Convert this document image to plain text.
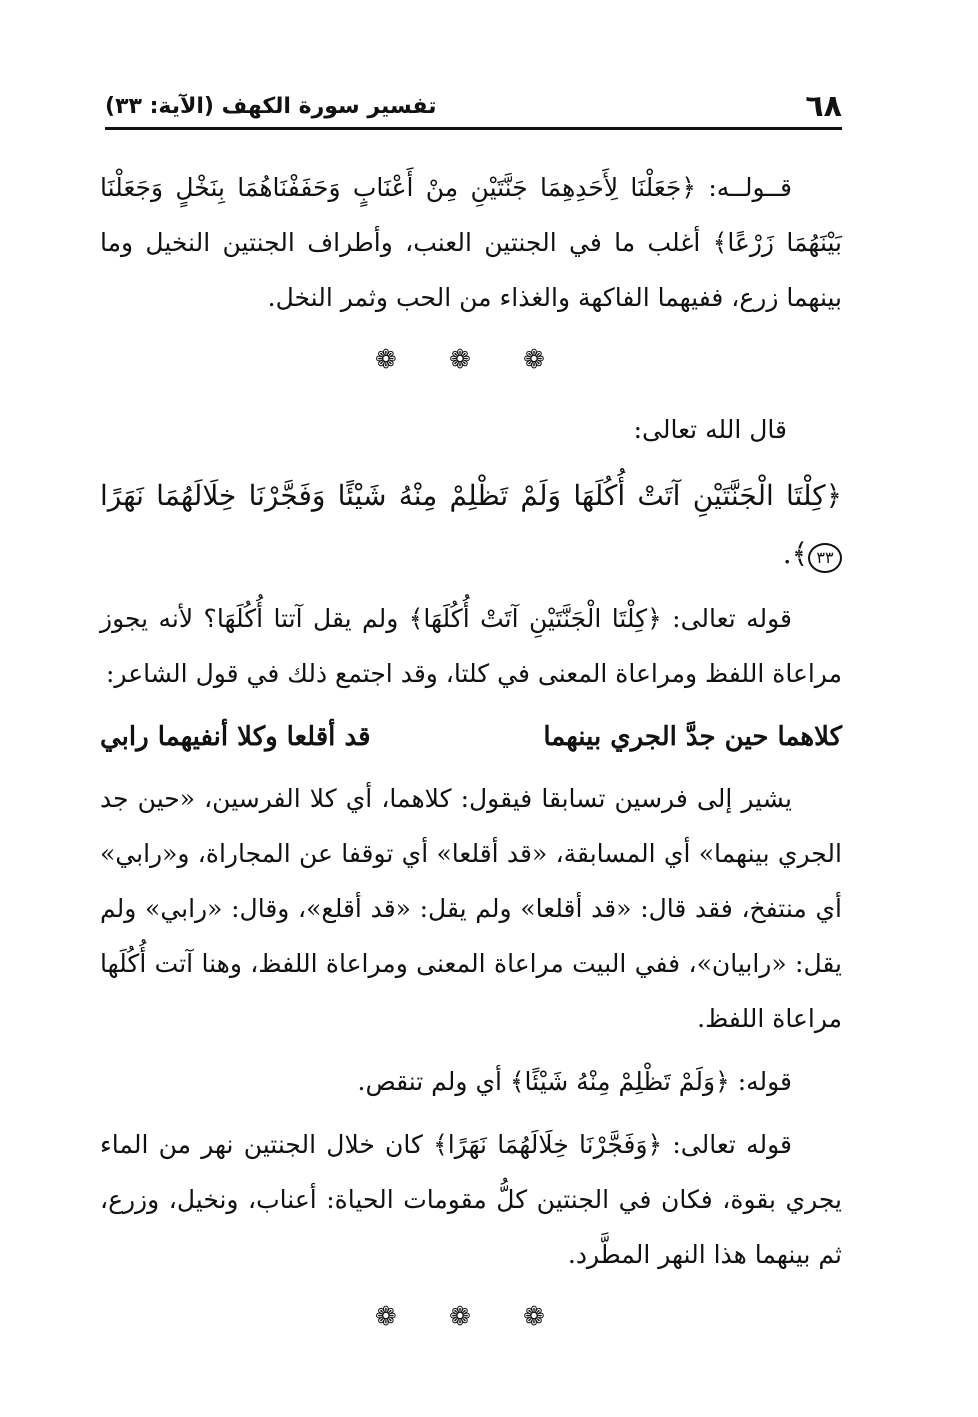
٦٨
تفسير سورة الكهف (الآية: ٣٣)

قــولــه: ﴿جَعَلْنَا لِأَحَدِهِمَا جَنَّتَيْنِ مِنْ أَعْنَابٍ وَحَفَفْنَاهُمَا بِنَخْلٍ وَجَعَلْنَا بَيْنَهُمَا زَرْعًا﴾ أغلب ما في الجنتين العنب، وأطراف الجنتين النخيل وما بينهما زرع، ففيهما الفاكهة والغذاء من الحب وثمر النخل.

❁ ❁ ❁

قال الله تعالى:

﴿كِلْتَا الْجَنَّتَيْنِ آتَتْ أُكُلَهَا وَلَمْ تَظْلِمْ مِنْهُ شَيْئًا وَفَجَّرْنَا خِلَالَهُمَا نَهَرًا ٣٣﴾.

قوله تعالى: ﴿كِلْتَا الْجَنَّتَيْنِ آتَتْ أُكُلَهَا﴾ ولم يقل آتتا أُكُلَهَا؟ لأنه يجوز مراعاة اللفظ ومراعاة المعنى في كلتا، وقد اجتمع ذلك في قول الشاعر:

كلاهما حين جدَّ الجري بينهما
قد أقلعا وكلا أنفيهما رابي

يشير إلى فرسين تسابقا فيقول: كلاهما، أي كلا الفرسين، «حين جد الجري بينهما» أي المسابقة، «قد أقلعا» أي توقفا عن المجاراة، و«رابي» أي منتفخ، فقد قال: «قد أقلعا» ولم يقل: «قد أقلع»، وقال: «رابي» ولم يقل: «رابيان»، ففي البيت مراعاة المعنى ومراعاة اللفظ، وهنا آتت أُكُلَها مراعاة اللفظ.

قوله: ﴿وَلَمْ تَظْلِمْ مِنْهُ شَيْئًا﴾ أي ولم تنقص.

قوله تعالى: ﴿وَفَجَّرْنَا خِلَالَهُمَا نَهَرًا﴾ كان خلال الجنتين نهر من الماء يجري بقوة، فكان في الجنتين كلُّ مقومات الحياة: أعناب، ونخيل، وزرع، ثم بينهما هذا النهر المطَّرد.

❁ ❁ ❁
